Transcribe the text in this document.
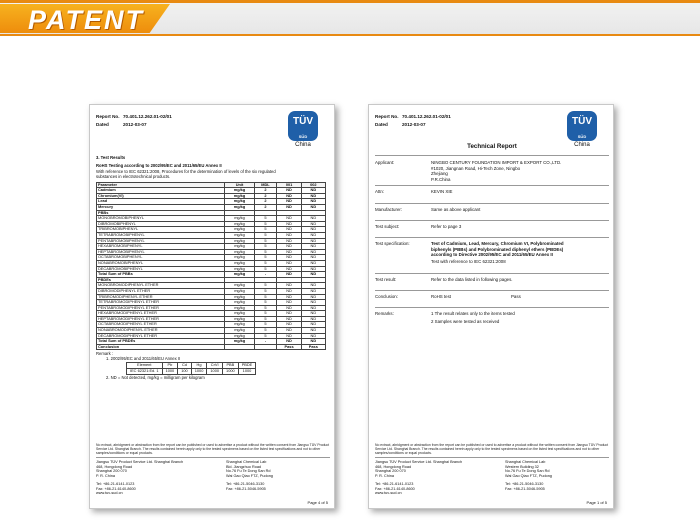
PATENT
Report No. 70.401.12.262.01-02/01
Dated	2012-03-07	TÜV
SÜD
China
3. Test Results
RoHS Testing according to 2002/95/EC and 2011/65/EU Annex II
With reference to IEC 62321:2008, Procedures for the determination of levels of the six regulated
substances in electrotechnical products.
Parameter	Unit	MDL	001	002
Cadmium	mg/kg	2	ND	ND
Chromium(VI)	mg/kg	2	ND	ND
Lead	mg/kg	2	ND	ND
Mercury	mg/kg	2	ND	ND
PBBs				
MONOBROMOBIPHENYL	mg/kg	5	ND	ND
DIBROMOBIPHENYL	mg/kg	5	ND	ND
TRIBROMOBIPHENYL	mg/kg	5	ND	ND
TETRABROMOBIPHENYL	mg/kg	5	ND	ND
PENTABROMOBIPHENYL	mg/kg	5	ND	ND
HEXABROMOBIPHENYL	mg/kg	5	ND	ND
HEPTABROMOBIPHENYL	mg/kg	5	ND	ND
OCTABROMOBIPHENYL	mg/kg	5	ND	ND
NONABROMOBIPHENYL	mg/kg	5	ND	ND
DECABROMOBIPHENYL	mg/kg	5	ND	ND
Total Sum of PBBs	mg/kg	-	ND	ND
PBDEs				
MONOBROMODIPHENYL ETHER	mg/kg	5	ND	ND
DIBROMODIPHENYL ETHER	mg/kg	5	ND	ND
TRIBROMODIPHENYL ETHER	mg/kg	5	ND	ND
TETRABROMODIPHENYL ETHER	mg/kg	5	ND	ND
PENTABROMODIPHENYL ETHER	mg/kg	5	ND	ND
HEXABROMODIPHENYL ETHER	mg/kg	5	ND	ND
HEPTABROMODIPHENYL ETHER	mg/kg	5	ND	ND
OCTABROMODIPHENYL ETHER	mg/kg	5	ND	ND
NONABROMODIPHENYL ETHER	mg/kg	5	ND	ND
DECABROMODIPHENYL ETHER	mg/kg	5	ND	ND
Total Sum of PBDEs	mg/kg	-	ND	ND
Conclusion			Pass	Pass
Remark :
1. 2002/95/EC and 2011/65/EU Annex II
Element	Pb	Cd	Hg	CrVI	PBB	PBDE
IEC 62321:Ed. 1	1000	100	1000	1000	1000	1000
2. ND = Not detected, mg/kg = milligram per kilogram
No extract, abridgment or abstraction from the report can be published or used to advertise a product without the written consent from Jiangsu TÜV Product Service Ltd. Shanghai Branch. The results contained herein apply only to the tested specimens based on the listed test specifications and not to other samples/conditions or equal products.
Jiangsu TÜV Product Service Ltd. Shanghai Branch
468, Hongdong Road
Shanghai 200 070
P. R. China
Tel: +86-21-6141-0123
Fax: +86-21-6140-8600
www.tuv-sud.cn
Shanghai Chemical Lab
Bld. Jiangzhuo Road
No.76 Fu Te Dong San Rd
Wai Gao Qiao FTZ, Pudong
Tel: +86-21-5046-3130
Fax: +86-21-5046-5905
Page 4 of 5
Report No. 70.401.12.262.01-02/01
Dated	2012-03-07	TÜV
SÜD
China
Technical Report
Applicant:	NINGBO CENTURY FOUNDATION IMPORT & EXPORT CO.,LTD.
#1020, Jiangnan Road, Hi-Tech Zone, Ningbo
Zhejiang
P.R.China
Attn:	KEVIN XIE
Manufacturer:	Same as above applicant
Test subject:	Refer to page 3
Test specification:	Test of Cadmium, Lead, Mercury, Chromium VI, Polybrominated
biphenyls (PBBs) and Polybrominated diphenyl ethers (PBDEs)
according to Directive 2002/95/EC and 2011/65/EU Annex II
Test with reference to IEC 62321:2008
Test result:	Refer to the data listed in following pages.
Conclusion:	RoHS test	Pass
Remarks:	1 The result relates only to the items tested
2 Samples were tested as received
No extract, abridgment or abstraction from the report can be published or used to advertise a product without the written consent from Jiangsu TÜV Product Service Ltd. Shanghai Branch. The results contained herein apply only to the tested specimens based on the listed test specifications and not to other samples/conditions or equal products.
Jiangsu TÜV Product Service Ltd. Shanghai Branch
468, Hongdong Road
Shanghai 200 070
P. R. China
Tel: +86-21-6141-0123
Fax: +86-21-6140-8600
www.tuv-sud.cn
Shanghai Chemical Lab
Western Building 32
No.76 Fu Te Dong San Rd
Wai Gao Qiao FTZ, Pudong
Tel: +86-21-5046-3130
Fax: +86-21-5046-5905
Page 1 of 5
